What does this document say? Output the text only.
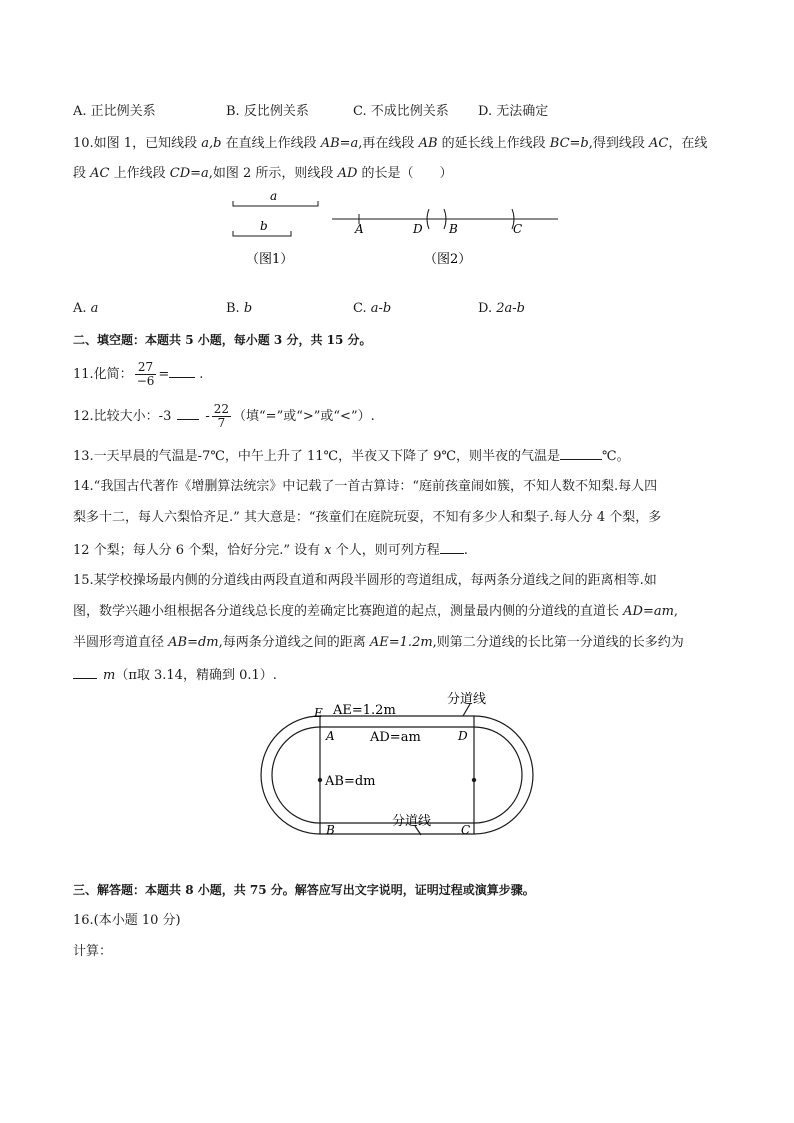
A. 正比例关系	B. 反比例关系	C. 不成比例关系 D. 无法确定
10.如图 1，已知线段 a,b 在直线上作线段 AB=a,再在线段 AB 的延长线上作线段 BC=b,得到线段 AC，在线
段 AC 上作线段 CD=a,如图 2 所示，则线段 AD 的长是（　　）
a
b
（图1）
A	D B	C
（图2）
A. a	B. b	C. a-b	D. 2a-b
二、填空题：本题共 5 小题，每小题 3 分，共 15 分。
11.化简： $\frac{27}{-6}$ = .
12.比较大小：-3	- $\frac{22}{7}$ （填“=”或“>”或“<”）.
13.一天早晨的气温是-7℃，中午上升了 11℃，半夜又下降了 9℃，则半夜的气温是	℃。
14.“我国古代著作《增删算法统宗》中记载了一首古算诗：“庭前孩童闹如簇，不知人数不知梨.每人四
梨多十二，每人六梨恰齐足.” 其大意是：“孩童们在庭院玩耍，不知有多少人和梨子.每人分 4 个梨，多
12 个梨；每人分 6 个梨，恰好分完.” 设有 x 个人，则可列方程 .
15.某学校操场最内侧的分道线由两段直道和两段半圆形的弯道组成，每两条分道线之间的距离相等.如
图，数学兴趣小组根据各分道线总长度的差确定比赛跑道的起点，测量最内侧的分道线的直道长 AD=am,
半圆形弯道直径 AB=dm,每两条分道线之间的距离 AE=1.2m,则第二分道线的长比第一分道线的长多约为
m（π取 3.14，精确到 0.1）.
E AE=1.2m
分道线
A	AD=am	D
AB=dm
分道线
B	C
三、解答题：本题共 8 小题，共 75 分。解答应写出文字说明，证明过程或演算步骤。
16.(本小题 10 分)
计算：
